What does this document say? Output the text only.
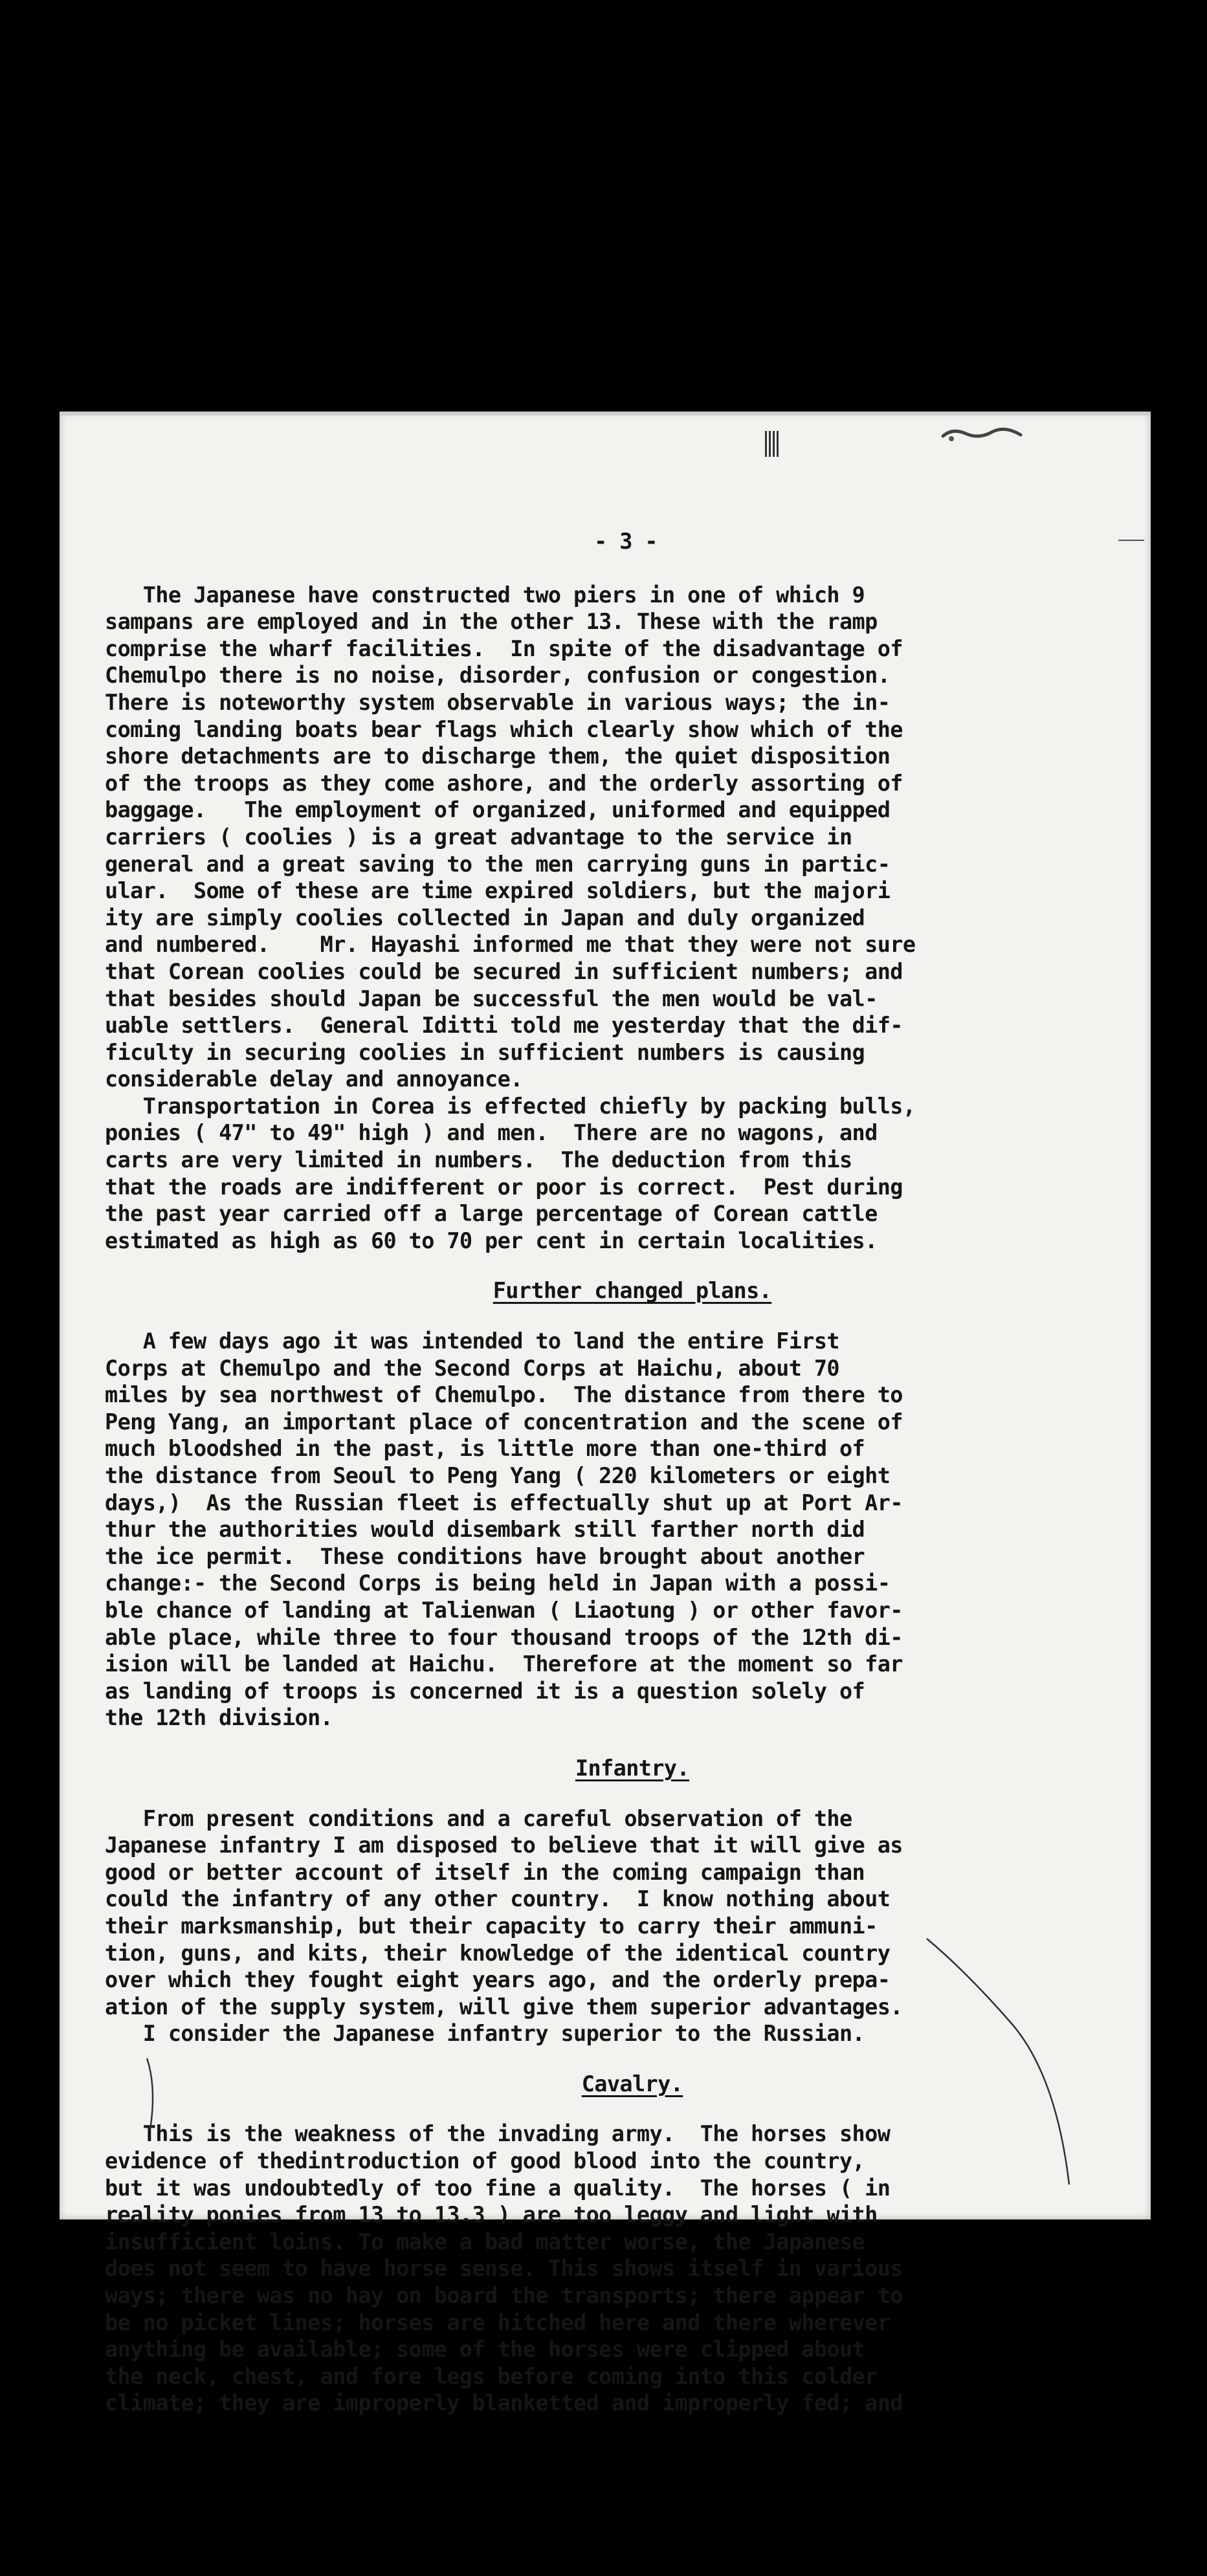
- 3 -
The Japanese have constructed two piers in one of which 9
sampans are employed and in the other 13. These with the ramp
comprise the wharf facilities.  In spite of the disadvantage of
Chemulpo there is no noise, disorder, confusion or congestion.
There is noteworthy system observable in various ways; the in-
coming landing boats bear flags which clearly show which of the
shore detachments are to discharge them, the quiet disposition
of the troops as they come ashore, and the orderly assorting of
baggage.   The employment of organized, uniformed and equipped
carriers ( coolies ) is a great advantage to the service in
general and a great saving to the men carrying guns in partic-
ular.  Some of these are time expired soldiers, but the majori
ity are simply coolies collected in Japan and duly organized
and numbered.    Mr. Hayashi informed me that they were not sure
that Corean coolies could be secured in sufficient numbers; and
that besides should Japan be successful the men would be val-
uable settlers.  General Iditti told me yesterday that the dif-
ficulty in securing coolies in sufficient numbers is causing
considerable delay and annoyance.
Transportation in Corea is effected chiefly by packing bulls,
ponies ( 47" to 49" high ) and men.  There are no wagons, and
carts are very limited in numbers.  The deduction from this
that the roads are indifferent or poor is correct.  Pest during
the past year carried off a large percentage of Corean cattle
estimated as high as 60 to 70 per cent in certain localities.
Further changed plans.
A few days ago it was intended to land the entire First
Corps at Chemulpo and the Second Corps at Haichu, about 70
miles by sea northwest of Chemulpo.  The distance from there to
Peng Yang, an important place of concentration and the scene of
much bloodshed in the past, is little more than one-third of
the distance from Seoul to Peng Yang ( 220 kilometers or eight
days,)  As the Russian fleet is effectually shut up at Port Ar-
thur the authorities would disembark still farther north did
the ice permit.  These conditions have brought about another
change:- the Second Corps is being held in Japan with a possi-
ble chance of landing at Talienwan ( Liaotung ) or other favor-
able place, while three to four thousand troops of the 12th di-
ision will be landed at Haichu.  Therefore at the moment so far
as landing of troops is concerned it is a question solely of
the 12th division.
Infantry.
From present conditions and a careful observation of the
Japanese infantry I am disposed to believe that it will give as
good or better account of itself in the coming campaign than
could the infantry of any other country.  I know nothing about
their marksmanship, but their capacity to carry their ammuni-
tion, guns, and kits, their knowledge of the identical country
over which they fought eight years ago, and the orderly prepa-
ation of the supply system, will give them superior advantages.
I consider the Japanese infantry superior to the Russian.
Cavalry.
This is the weakness of the invading army.  The horses show
evidence of thedintroduction of good blood into the country,
but it was undoubtedly of too fine a quality.  The horses ( in
reality ponies from 13 to 13.3 ) are too leggy and light with
insufficient loins. To make a bad matter worse, the Japanese
does not seem to have horse sense. This shows itself in various
ways; there was no hay on board the transports; there appear to
be no picket lines; horses are hitched here and there wherever
anything be available; some of the horses were clipped about
the neck, chest, and fore legs before coming into this colder
climate; they are improperly blanketted and improperly fed; and
